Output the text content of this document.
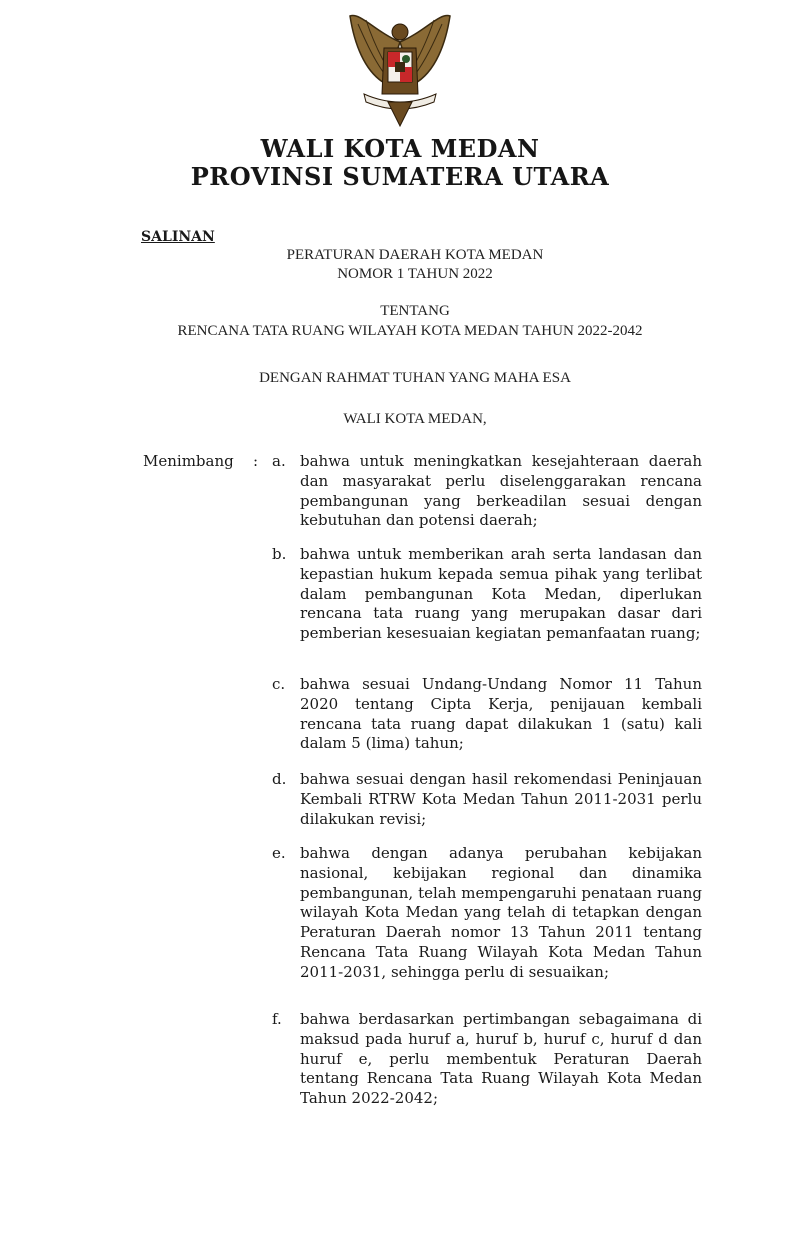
WALI KOTA MEDAN
PROVINSI SUMATERA UTARA
SALINAN
PERATURAN DAERAH KOTA MEDAN
NOMOR 1 TAHUN 2022
TENTANG
RENCANA TATA RUANG WILAYAH KOTA MEDAN TAHUN 2022-2042
DENGAN RAHMAT TUHAN YANG MAHA ESA
WALI KOTA MEDAN,
Menimbang : a. bahwa untuk meningkatkan kesejahteraan daerah dan masyarakat perlu diselenggarakan rencana pembangunan yang berkeadilan sesuai dengan kebutuhan dan potensi daerah;
b. bahwa untuk memberikan arah serta landasan dan kepastian hukum kepada semua pihak yang terlibat dalam pembangunan Kota Medan, diperlukan rencana tata ruang yang merupakan dasar dari pemberian kesesuaian kegiatan pemanfaatan ruang;
c. bahwa sesuai Undang-Undang Nomor 11 Tahun 2020 tentang Cipta Kerja, penijauan kembali rencana tata ruang dapat dilakukan 1 (satu) kali dalam 5 (lima) tahun;
d. bahwa sesuai dengan hasil rekomendasi Peninjauan Kembali RTRW Kota Medan Tahun 2011-2031 perlu dilakukan revisi;
e. bahwa dengan adanya perubahan kebijakan nasional, kebijakan regional dan dinamika pembangunan, telah mempengaruhi penataan ruang wilayah Kota Medan yang telah di tetapkan dengan Peraturan Daerah nomor 13 Tahun 2011 tentang Rencana Tata Ruang Wilayah Kota Medan Tahun 2011-2031, sehingga perlu di sesuaikan;
f.	bahwa berdasarkan pertimbangan sebagaimana di maksud pada huruf a, huruf b, huruf c, huruf d dan huruf e, perlu membentuk Peraturan Daerah tentang Rencana Tata Ruang Wilayah Kota Medan Tahun 2022-2042;
